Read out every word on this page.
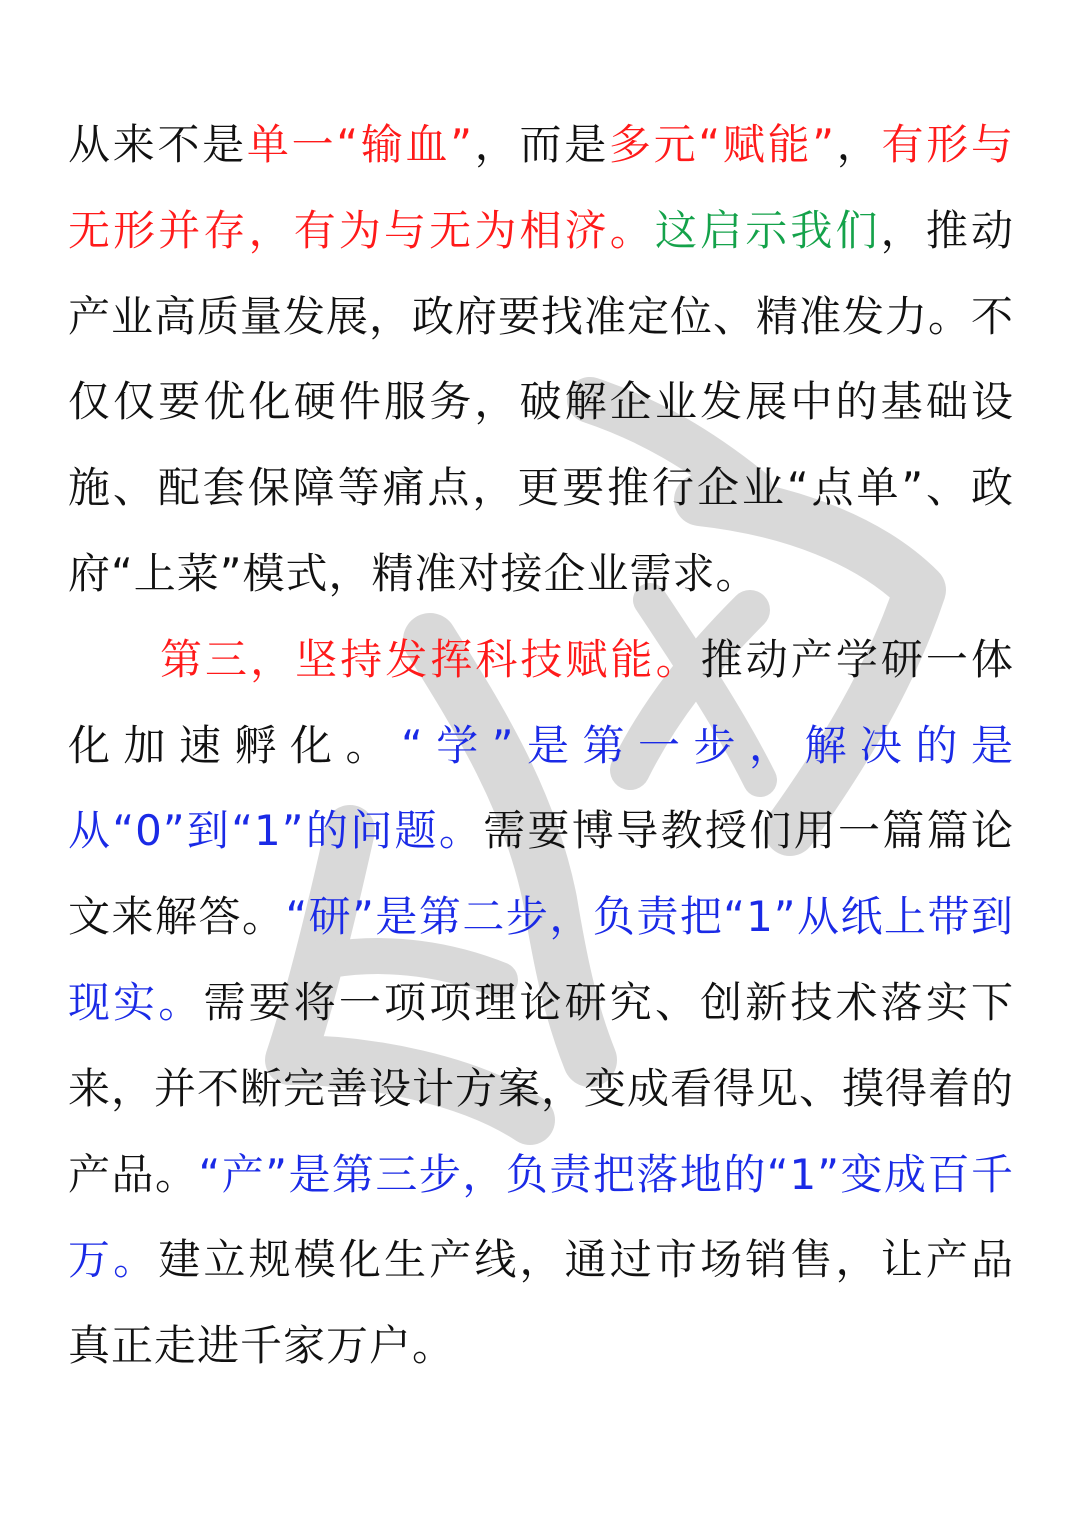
从来不是单一“输血”，而是多元“赋能”，有形与无形并存，有为与无为相济。这启示我们，推动产业高质量发展，政府要找准定位、精准发力。不仅仅要优化硬件服务，破解企业发展中的基础设施、配套保障等痛点，更要推行企业“点单”、政府“上菜”模式，精准对接企业需求。

第三，坚持发挥科技赋能。推动产学研一体化加速孵化。“学”是第一步，解决的是从“0”到“1”的问题。需要博导教授们用一篇篇论文来解答。“研”是第二步，负责把“1”从纸上带到现实。需要将一项项理论研究、创新技术落实下来，并不断完善设计方案，变成看得见、摸得着的产品。“产”是第三步，负责把落地的“1”变成百千万。建立规模化生产线，通过市场销售，让产品真正走进千家万户。
